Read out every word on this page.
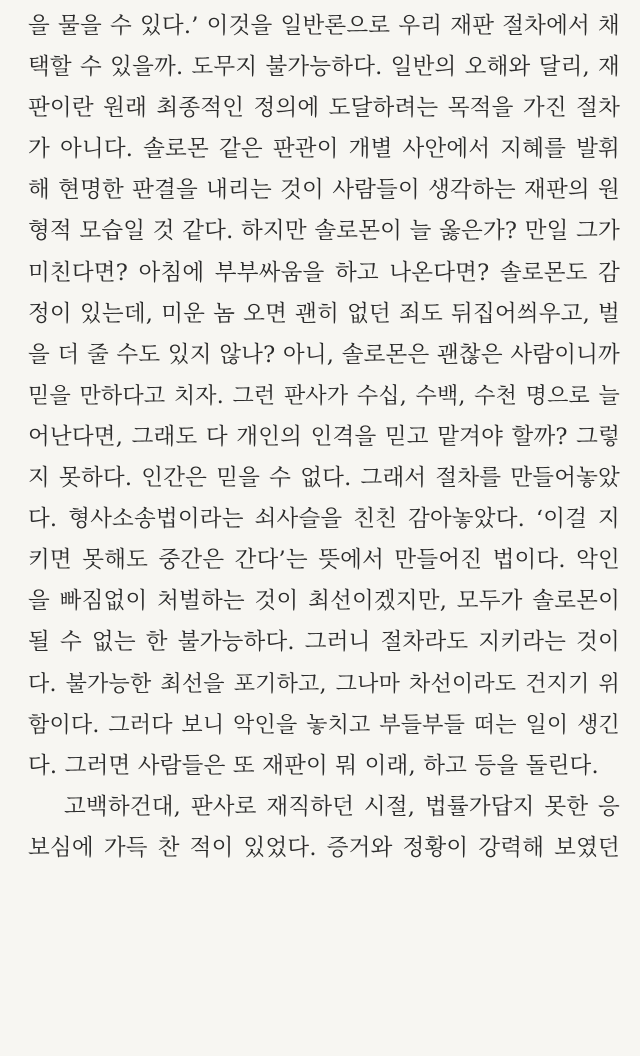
을 물을 수 있다.’ 이것을 일반론으로 우리 재판 절차에서 채
택할 수 있을까. 도무지 불가능하다. 일반의 오해와 달리, 재
판이란 원래 최종적인 정의에 도달하려는 목적을 가진 절차
가 아니다. 솔로몬 같은 판관이 개별 사안에서 지혜를 발휘
해 현명한 판결을 내리는 것이 사람들이 생각하는 재판의 원
형적 모습일 것 같다. 하지만 솔로몬이 늘 옳은가? 만일 그가
미친다면? 아침에 부부싸움을 하고 나온다면? 솔로몬도 감
정이 있는데, 미운 놈 오면 괜히 없던 죄도 뒤집어씌우고, 벌
을 더 줄 수도 있지 않나? 아니, 솔로몬은 괜찮은 사람이니까
믿을 만하다고 치자. 그런 판사가 수십, 수백, 수천 명으로 늘
어난다면, 그래도 다 개인의 인격을 믿고 맡겨야 할까? 그렇
지 못하다. 인간은 믿을 수 없다. 그래서 절차를 만들어놓았
다. 형사소송법이라는 쇠사슬을 친친 감아놓았다. ‘이걸 지
키면 못해도 중간은 간다’는 뜻에서 만들어진 법이다. 악인
을 빠짐없이 처벌하는 것이 최선이겠지만, 모두가 솔로몬이
될 수 없는 한 불가능하다. 그러니 절차라도 지키라는 것이
다. 불가능한 최선을 포기하고, 그나마 차선이라도 건지기 위
함이다. 그러다 보니 악인을 놓치고 부들부들 떠는 일이 생긴
다. 그러면 사람들은 또 재판이 뭐 이래, 하고 등을 돌린다.
고백하건대, 판사로 재직하던 시절, 법률가답지 못한 응
보심에 가득 찬 적이 있었다. 증거와 정황이 강력해 보였던
